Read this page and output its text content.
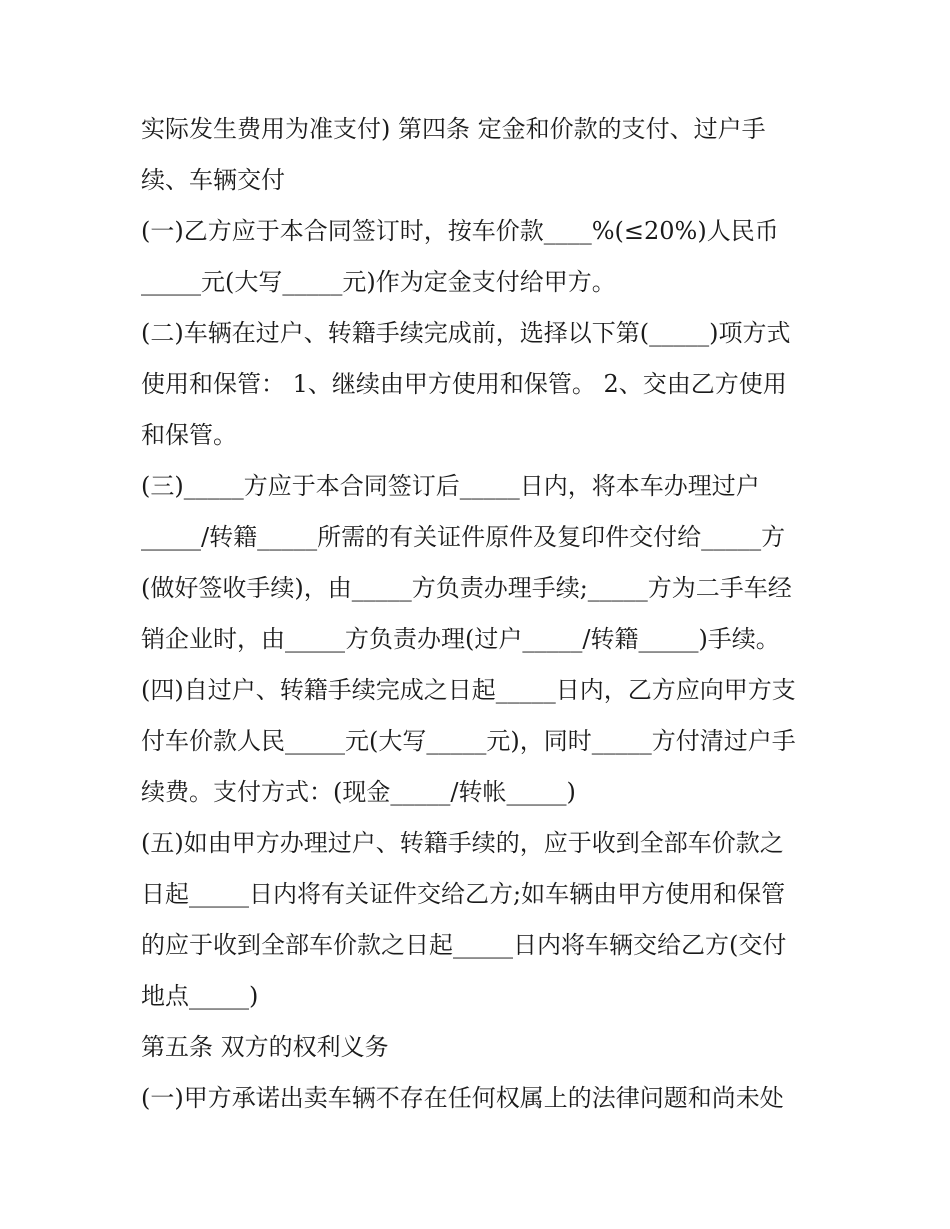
实际发生费用为准支付) 第四条 定金和价款的支付、过户手
续、车辆交付
(一)乙方应于本合同签订时，按车价款____%(≤20%)人民币
_____元(大写_____元)作为定金支付给甲方。
(二)车辆在过户、转籍手续完成前，选择以下第(_____)项方式
使用和保管： 1、继续由甲方使用和保管。 2、交由乙方使用
和保管。
(三)_____方应于本合同签订后_____日内，将本车办理过户
_____/转籍_____所需的有关证件原件及复印件交付给_____方
(做好签收手续)，由_____方负责办理手续;_____方为二手车经
销企业时，由_____方负责办理(过户_____/转籍_____)手续。
(四)自过户、转籍手续完成之日起_____日内，乙方应向甲方支
付车价款人民_____元(大写_____元)，同时_____方付清过户手
续费。支付方式：(现金_____/转帐_____)
(五)如由甲方办理过户、转籍手续的，应于收到全部车价款之
日起_____日内将有关证件交给乙方;如车辆由甲方使用和保管
的应于收到全部车价款之日起_____日内将车辆交给乙方(交付
地点_____)
第五条 双方的权利义务
(一)甲方承诺出卖车辆不存在任何权属上的法律问题和尚未处
